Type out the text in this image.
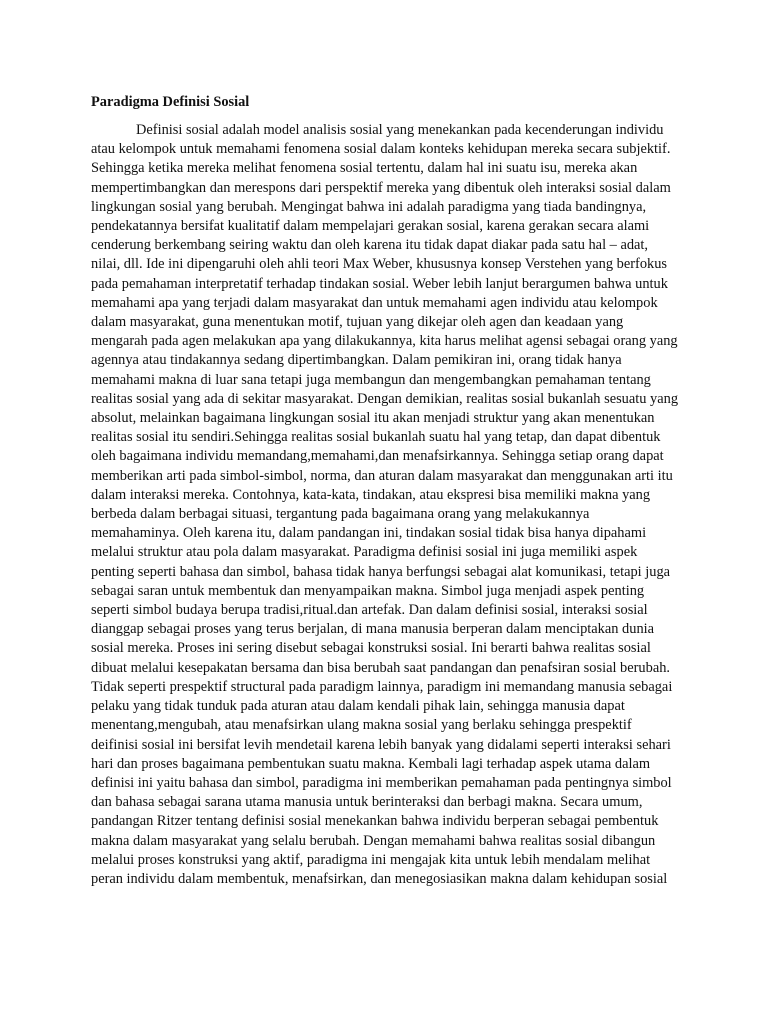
Paradigma Definisi Sosial

Definisi sosial adalah model analisis sosial yang menekankan pada kecenderungan individu atau kelompok untuk memahami fenomena sosial dalam konteks kehidupan mereka secara subjektif. Sehingga ketika mereka melihat fenomena sosial tertentu, dalam hal ini suatu isu, mereka akan mempertimbangkan dan merespons dari perspektif mereka yang dibentuk oleh interaksi sosial dalam lingkungan sosial yang berubah. Mengingat bahwa ini adalah paradigma yang tiada bandingnya, pendekatannya bersifat kualitatif dalam mempelajari gerakan sosial, karena gerakan secara alami cenderung berkembang seiring waktu dan oleh karena itu tidak dapat diakar pada satu hal – adat, nilai, dll. Ide ini dipengaruhi oleh ahli teori Max Weber, khususnya konsep Verstehen yang berfokus pada pemahaman interpretatif terhadap tindakan sosial. Weber lebih lanjut berargumen bahwa untuk memahami apa yang terjadi dalam masyarakat dan untuk memahami agen individu atau kelompok dalam masyarakat, guna menentukan motif, tujuan yang dikejar oleh agen dan keadaan yang mengarah pada agen melakukan apa yang dilakukannya, kita harus melihat agensi sebagai orang yang agennya atau tindakannya sedang dipertimbangkan. Dalam pemikiran ini, orang tidak hanya memahami makna di luar sana tetapi juga membangun dan mengembangkan pemahaman tentang realitas sosial yang ada di sekitar masyarakat. Dengan demikian, realitas sosial bukanlah sesuatu yang absolut, melainkan bagaimana lingkungan sosial itu akan menjadi struktur yang akan menentukan realitas sosial itu sendiri.Sehingga realitas sosial bukanlah suatu hal yang tetap, dan dapat dibentuk oleh bagaimana individu memandang,memahami,dan menafsirkannya. Sehingga setiap orang dapat memberikan arti pada simbol-simbol, norma, dan aturan dalam masyarakat dan menggunakan arti itu dalam interaksi mereka. Contohnya, kata-kata, tindakan, atau ekspresi bisa memiliki makna yang berbeda dalam berbagai situasi, tergantung pada bagaimana orang yang melakukannya memahaminya. Oleh karena itu, dalam pandangan ini, tindakan sosial tidak bisa hanya dipahami melalui struktur atau pola dalam masyarakat. Paradigma definisi sosial ini juga memiliki aspek penting seperti bahasa dan simbol, bahasa tidak hanya berfungsi sebagai alat komunikasi, tetapi juga sebagai saran untuk membentuk dan menyampaikan makna. Simbol juga menjadi aspek penting seperti simbol budaya berupa tradisi,ritual.dan artefak. Dan dalam definisi sosial, interaksi sosial dianggap sebagai proses yang terus berjalan, di mana manusia berperan dalam menciptakan dunia sosial mereka. Proses ini sering disebut sebagai konstruksi sosial. Ini berarti bahwa realitas sosial dibuat melalui kesepakatan bersama dan bisa berubah saat pandangan dan penafsiran sosial berubah. Tidak seperti prespektif structural pada paradigm lainnya, paradigm ini memandang manusia sebagai pelaku yang tidak tunduk pada aturan atau dalam kendali pihak lain, sehingga manusia dapat menentang,mengubah, atau menafsirkan ulang makna sosial yang berlaku sehingga prespektif deifinisi sosial ini bersifat levih mendetail karena lebih banyak yang didalami seperti interaksi sehari hari dan proses bagaimana pembentukan suatu makna. Kembali lagi terhadap aspek utama dalam definisi ini yaitu bahasa dan simbol, paradigma ini memberikan pemahaman pada pentingnya simbol dan bahasa sebagai sarana utama manusia untuk berinteraksi dan berbagi makna. Secara umum, pandangan Ritzer tentang definisi sosial menekankan bahwa individu berperan sebagai pembentuk makna dalam masyarakat yang selalu berubah. Dengan memahami bahwa realitas sosial dibangun melalui proses konstruksi yang aktif, paradigma ini mengajak kita untuk lebih mendalam melihat peran individu dalam membentuk, menafsirkan, dan menegosiasikan makna dalam kehidupan sosial
